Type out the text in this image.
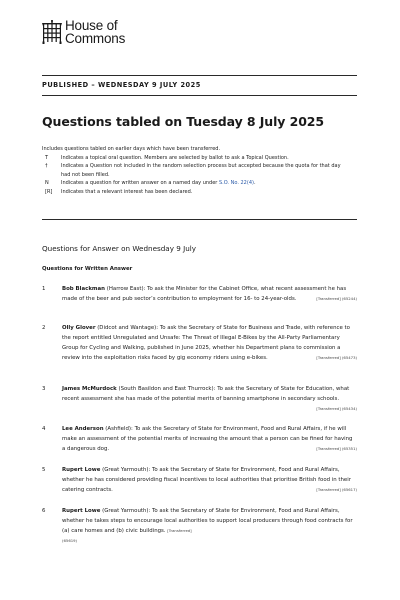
House of
Commons
PUBLISHED – WEDNESDAY 9 JULY 2025
Questions tabled on Tuesday 8 July 2025
Includes questions tabled on earlier days which have been transferred.
T	Indicates a topical oral question. Members are selected by ballot to ask a Topical Question.
†	Indicates a Question not included in the random selection process but accepted because the quota for that day had not been filled.
N	Indicates a question for written answer on a named day under S.O. No. 22(4).
[R]	Indicates that a relevant interest has been declared.
Questions for Answer on Wednesday 9 July
Questions for Written Answer
1	Bob Blackman (Harrow East): To ask the Minister for the Cabinet Office, what recent assessment he has made of the beer and pub sector’s contribution to employment for 16- to 24-year-olds.	[Transferred] (65244)
2	Olly Glover (Didcot and Wantage): To ask the Secretary of State for Business and Trade, with reference to the report entitled Unregulated and Unsafe: The Threat of Illegal E-Bikes by the All-Party Parliamentary Group for Cycling and Walking, published in June 2025, whether his Department plans to commission a review into the exploitation risks faced by gig economy riders using e-bikes.	[Transferred] (65473)
3	James McMurdock (South Basildon and East Thurrock): To ask the Secretary of State for Education, what recent assessment she has made of the potential merits of banning smartphone in secondary schools.
[Transferred] (65434)
4	Lee Anderson (Ashfield): To ask the Secretary of State for Environment, Food and Rural Affairs, if he will make an assessment of the potential merits of increasing the amount that a person can be fined for having a dangerous dog.	[Transferred] (65351)
5	Rupert Lowe (Great Yarmouth): To ask the Secretary of State for Environment, Food and Rural Affairs, whether he has considered providing fiscal incentives to local authorities that prioritise British food in their catering contracts.	[Transferred] (65617)
6	Rupert Lowe (Great Yarmouth): To ask the Secretary of State for Environment, Food and Rural Affairs, whether he takes steps to encourage local authorities to support local producers through food contracts for (a) care homes and (b) civic buildings. [Transferred]
(65619)
